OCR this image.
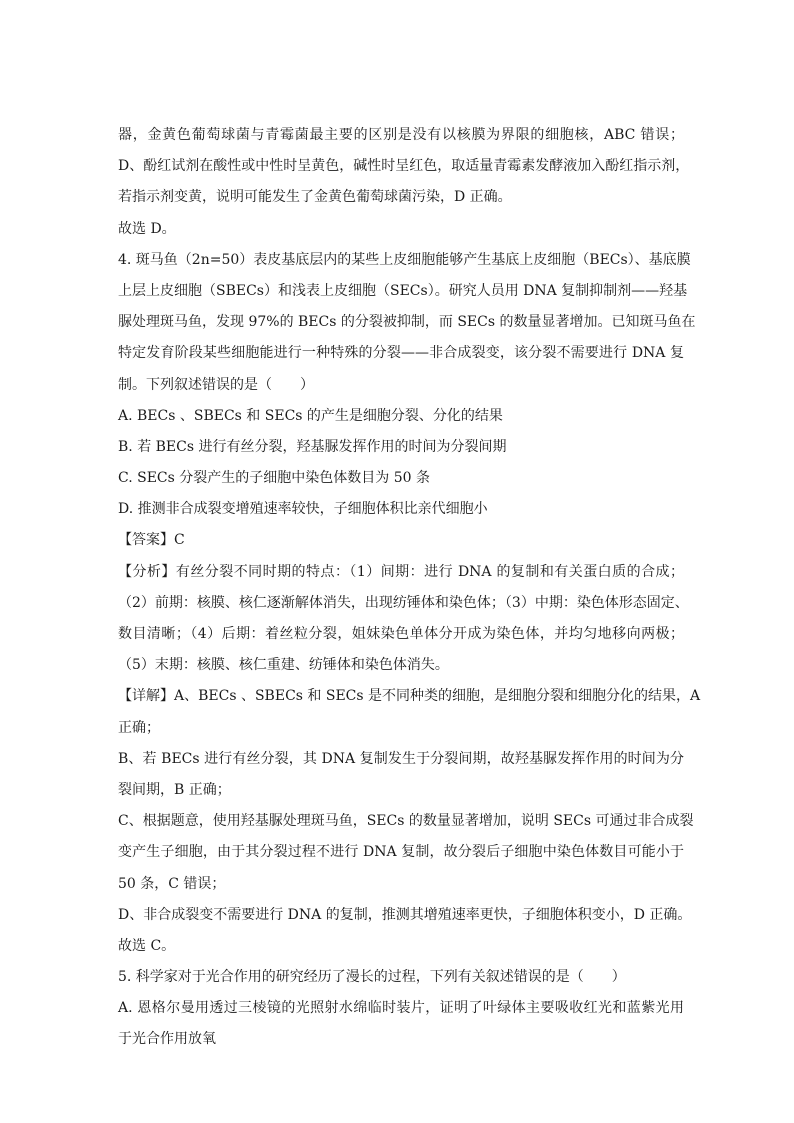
器，金黄色葡萄球菌与青霉菌最主要的区别是没有以核膜为界限的细胞核，ABC 错误；
D、酚红试剂在酸性或中性时呈黄色，碱性时呈红色，取适量青霉素发酵液加入酚红指示剂，
若指示剂变黄，说明可能发生了金黄色葡萄球菌污染，D 正确。
故选 D。
4. 斑马鱼（2n=50）表皮基底层内的某些上皮细胞能够产生基底上皮细胞（BECs）、基底膜
上层上皮细胞（SBECs）和浅表上皮细胞（SECs）。研究人员用 DNA 复制抑制剂——羟基
脲处理斑马鱼，发现 97%的 BECs 的分裂被抑制，而 SECs 的数量显著增加。已知斑马鱼在
特定发育阶段某些细胞能进行一种特殊的分裂——非合成裂变，该分裂不需要进行 DNA 复
制。下列叙述错误的是（　　）
A. BECs 、SBECs 和 SECs 的产生是细胞分裂、分化的结果
B. 若 BECs 进行有丝分裂，羟基脲发挥作用的时间为分裂间期
C. SECs 分裂产生的子细胞中染色体数目为 50 条
D. 推测非合成裂变增殖速率较快，子细胞体积比亲代细胞小
【答案】C
【分析】有丝分裂不同时期的特点：（1）间期：进行 DNA 的复制和有关蛋白质的合成；
（2）前期：核膜、核仁逐渐解体消失，出现纺锤体和染色体；（3）中期：染色体形态固定、
数目清晰；（4）后期：着丝粒分裂，姐妹染色单体分开成为染色体，并均匀地移向两极；
（5）末期：核膜、核仁重建、纺锤体和染色体消失。
【详解】A、BECs 、SBECs 和 SECs 是不同种类的细胞，是细胞分裂和细胞分化的结果，A
正确；
B、若 BECs 进行有丝分裂，其 DNA 复制发生于分裂间期，故羟基脲发挥作用的时间为分
裂间期，B 正确；
C、根据题意，使用羟基脲处理斑马鱼，SECs 的数量显著增加，说明 SECs 可通过非合成裂
变产生子细胞，由于其分裂过程不进行 DNA 复制，故分裂后子细胞中染色体数目可能小于
50 条，C 错误；
D、非合成裂变不需要进行 DNA 的复制，推测其增殖速率更快，子细胞体积变小，D 正确。
故选 C。
5. 科学家对于光合作用的研究经历了漫长的过程，下列有关叙述错误的是（　　）
A. 恩格尔曼用透过三棱镜的光照射水绵临时装片，证明了叶绿体主要吸收红光和蓝紫光用
于光合作用放氧
